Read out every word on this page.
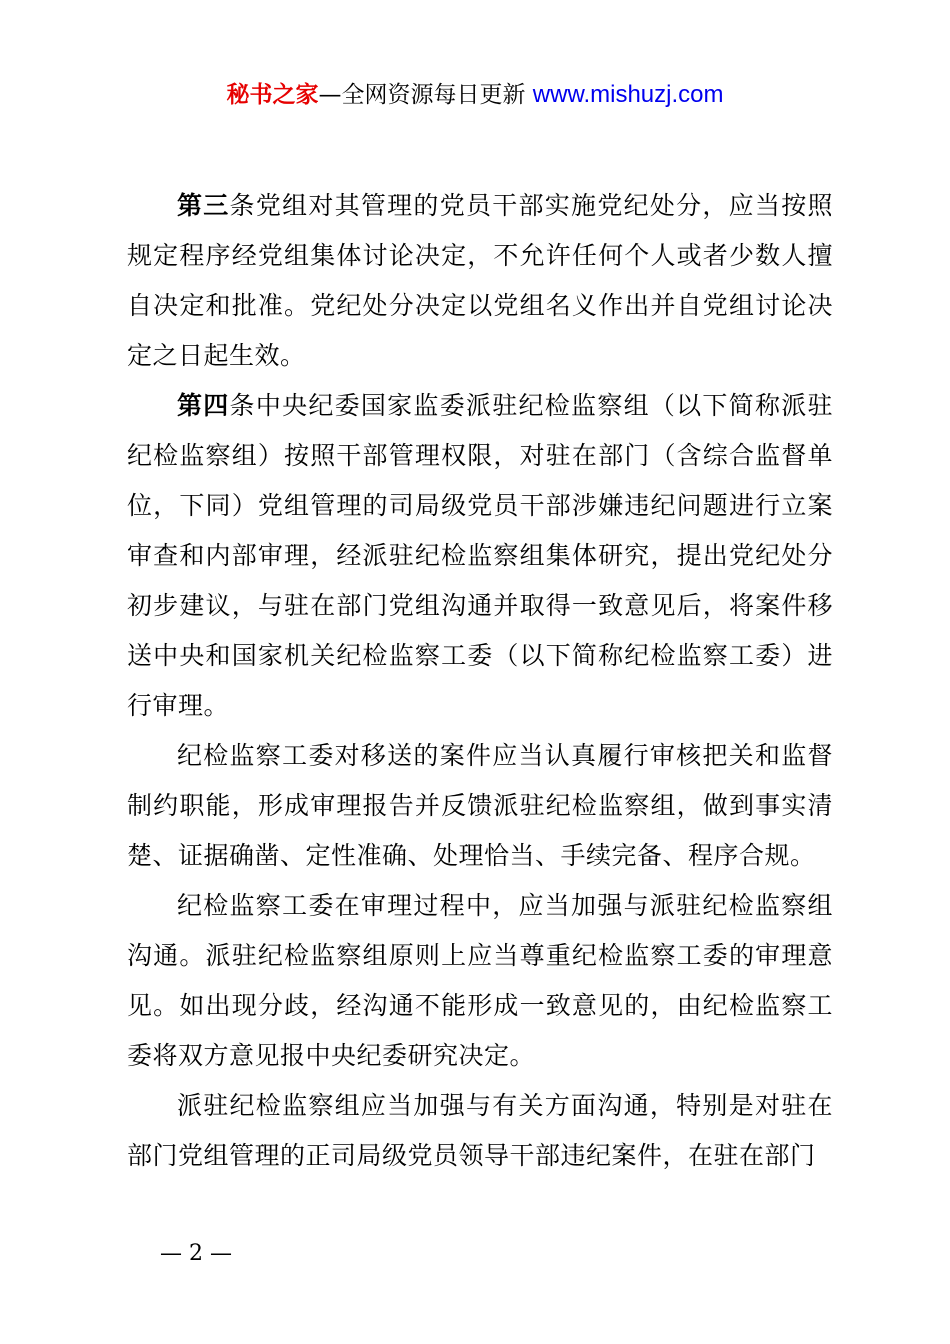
秘书之家—全网资源每日更新 www.mishuzj.com

第三条党组对其管理的党员干部实施党纪处分，应当按照规定程序经党组集体讨论决定，不允许任何个人或者少数人擅自决定和批准。党纪处分决定以党组名义作出并自党组讨论决定之日起生效。

第四条中央纪委国家监委派驻纪检监察组（以下简称派驻纪检监察组）按照干部管理权限，对驻在部门（含综合监督单位，下同）党组管理的司局级党员干部涉嫌违纪问题进行立案审查和内部审理，经派驻纪检监察组集体研究，提出党纪处分初步建议，与驻在部门党组沟通并取得一致意见后，将案件移送中央和国家机关纪检监察工委（以下简称纪检监察工委）进行审理。

纪检监察工委对移送的案件应当认真履行审核把关和监督制约职能，形成审理报告并反馈派驻纪检监察组，做到事实清楚、证据确凿、定性准确、处理恰当、手续完备、程序合规。

纪检监察工委在审理过程中，应当加强与派驻纪检监察组沟通。派驻纪检监察组原则上应当尊重纪检监察工委的审理意见。如出现分歧，经沟通不能形成一致意见的，由纪检监察工委将双方意见报中央纪委研究决定。

派驻纪检监察组应当加强与有关方面沟通，特别是对驻在部门党组管理的正司局级党员领导干部违纪案件，在驻在部门

— 2 —
